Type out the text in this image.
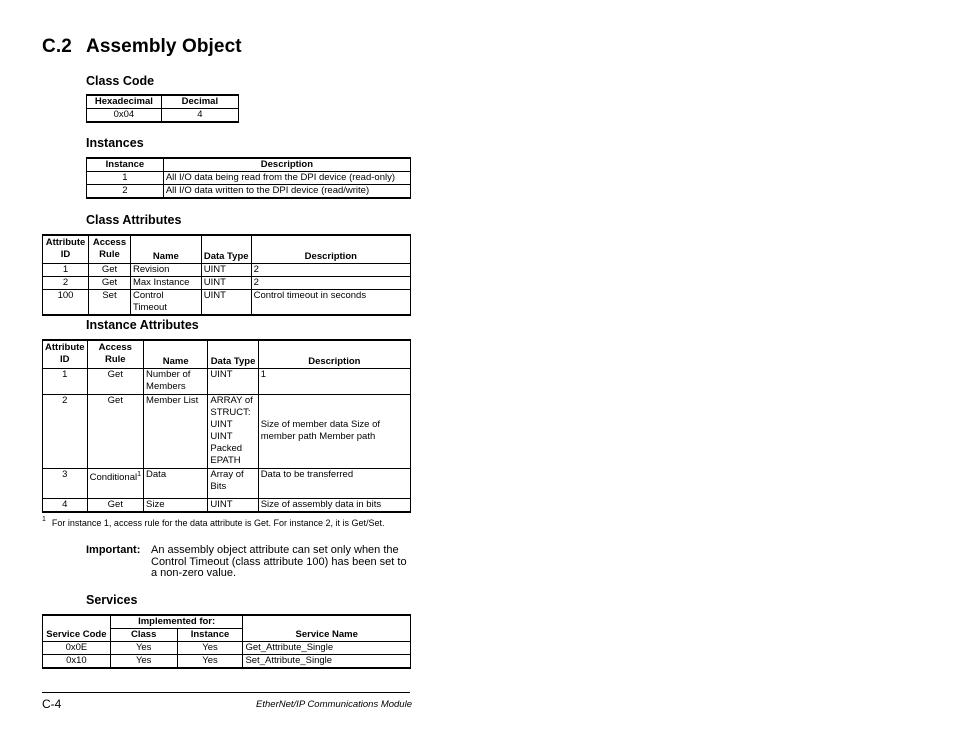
C.2 Assembly Object
Class Code
Hexadecimal	Decimal
0x04	4
Instances
Instance	Description
1	All I/O data being read from the DPI device (read-only)
2	All I/O data written to the DPI device (read/write)
Class Attributes
Attribute ID	Access Rule	Name	Data Type	Description
1	Get	Revision	UINT	2
2	Get	Max Instance	UINT	2
100	Set	Control Timeout	UINT	Control timeout in seconds
Instance Attributes
Attribute ID	Access Rule	Name	Data Type	Description
1	Get	Number of Members	UINT	1
2	Get	Member List	ARRAY of STRUCT: UINT UINT Packed EPATH	Size of member data Size of member path Member path
3	Conditional$^1$	Data	Array of Bits	Data to be transferred
4	Get	Size	UINT	Size of assembly data in bits
$^1$ For instance 1, access rule for the data attribute is Get. For instance 2, it is Get/Set.
Important: An assembly object attribute can set only when the Control Timeout (class attribute 100) has been set to a non-zero value.
Services
Service Code	Implemented for:		Service Name
	Class	Instance	
0x0E	Yes	Yes	Get_Attribute_Single
0x10	Yes	Yes	Set_Attribute_Single
C-4	EtherNet/IP Communications Module
